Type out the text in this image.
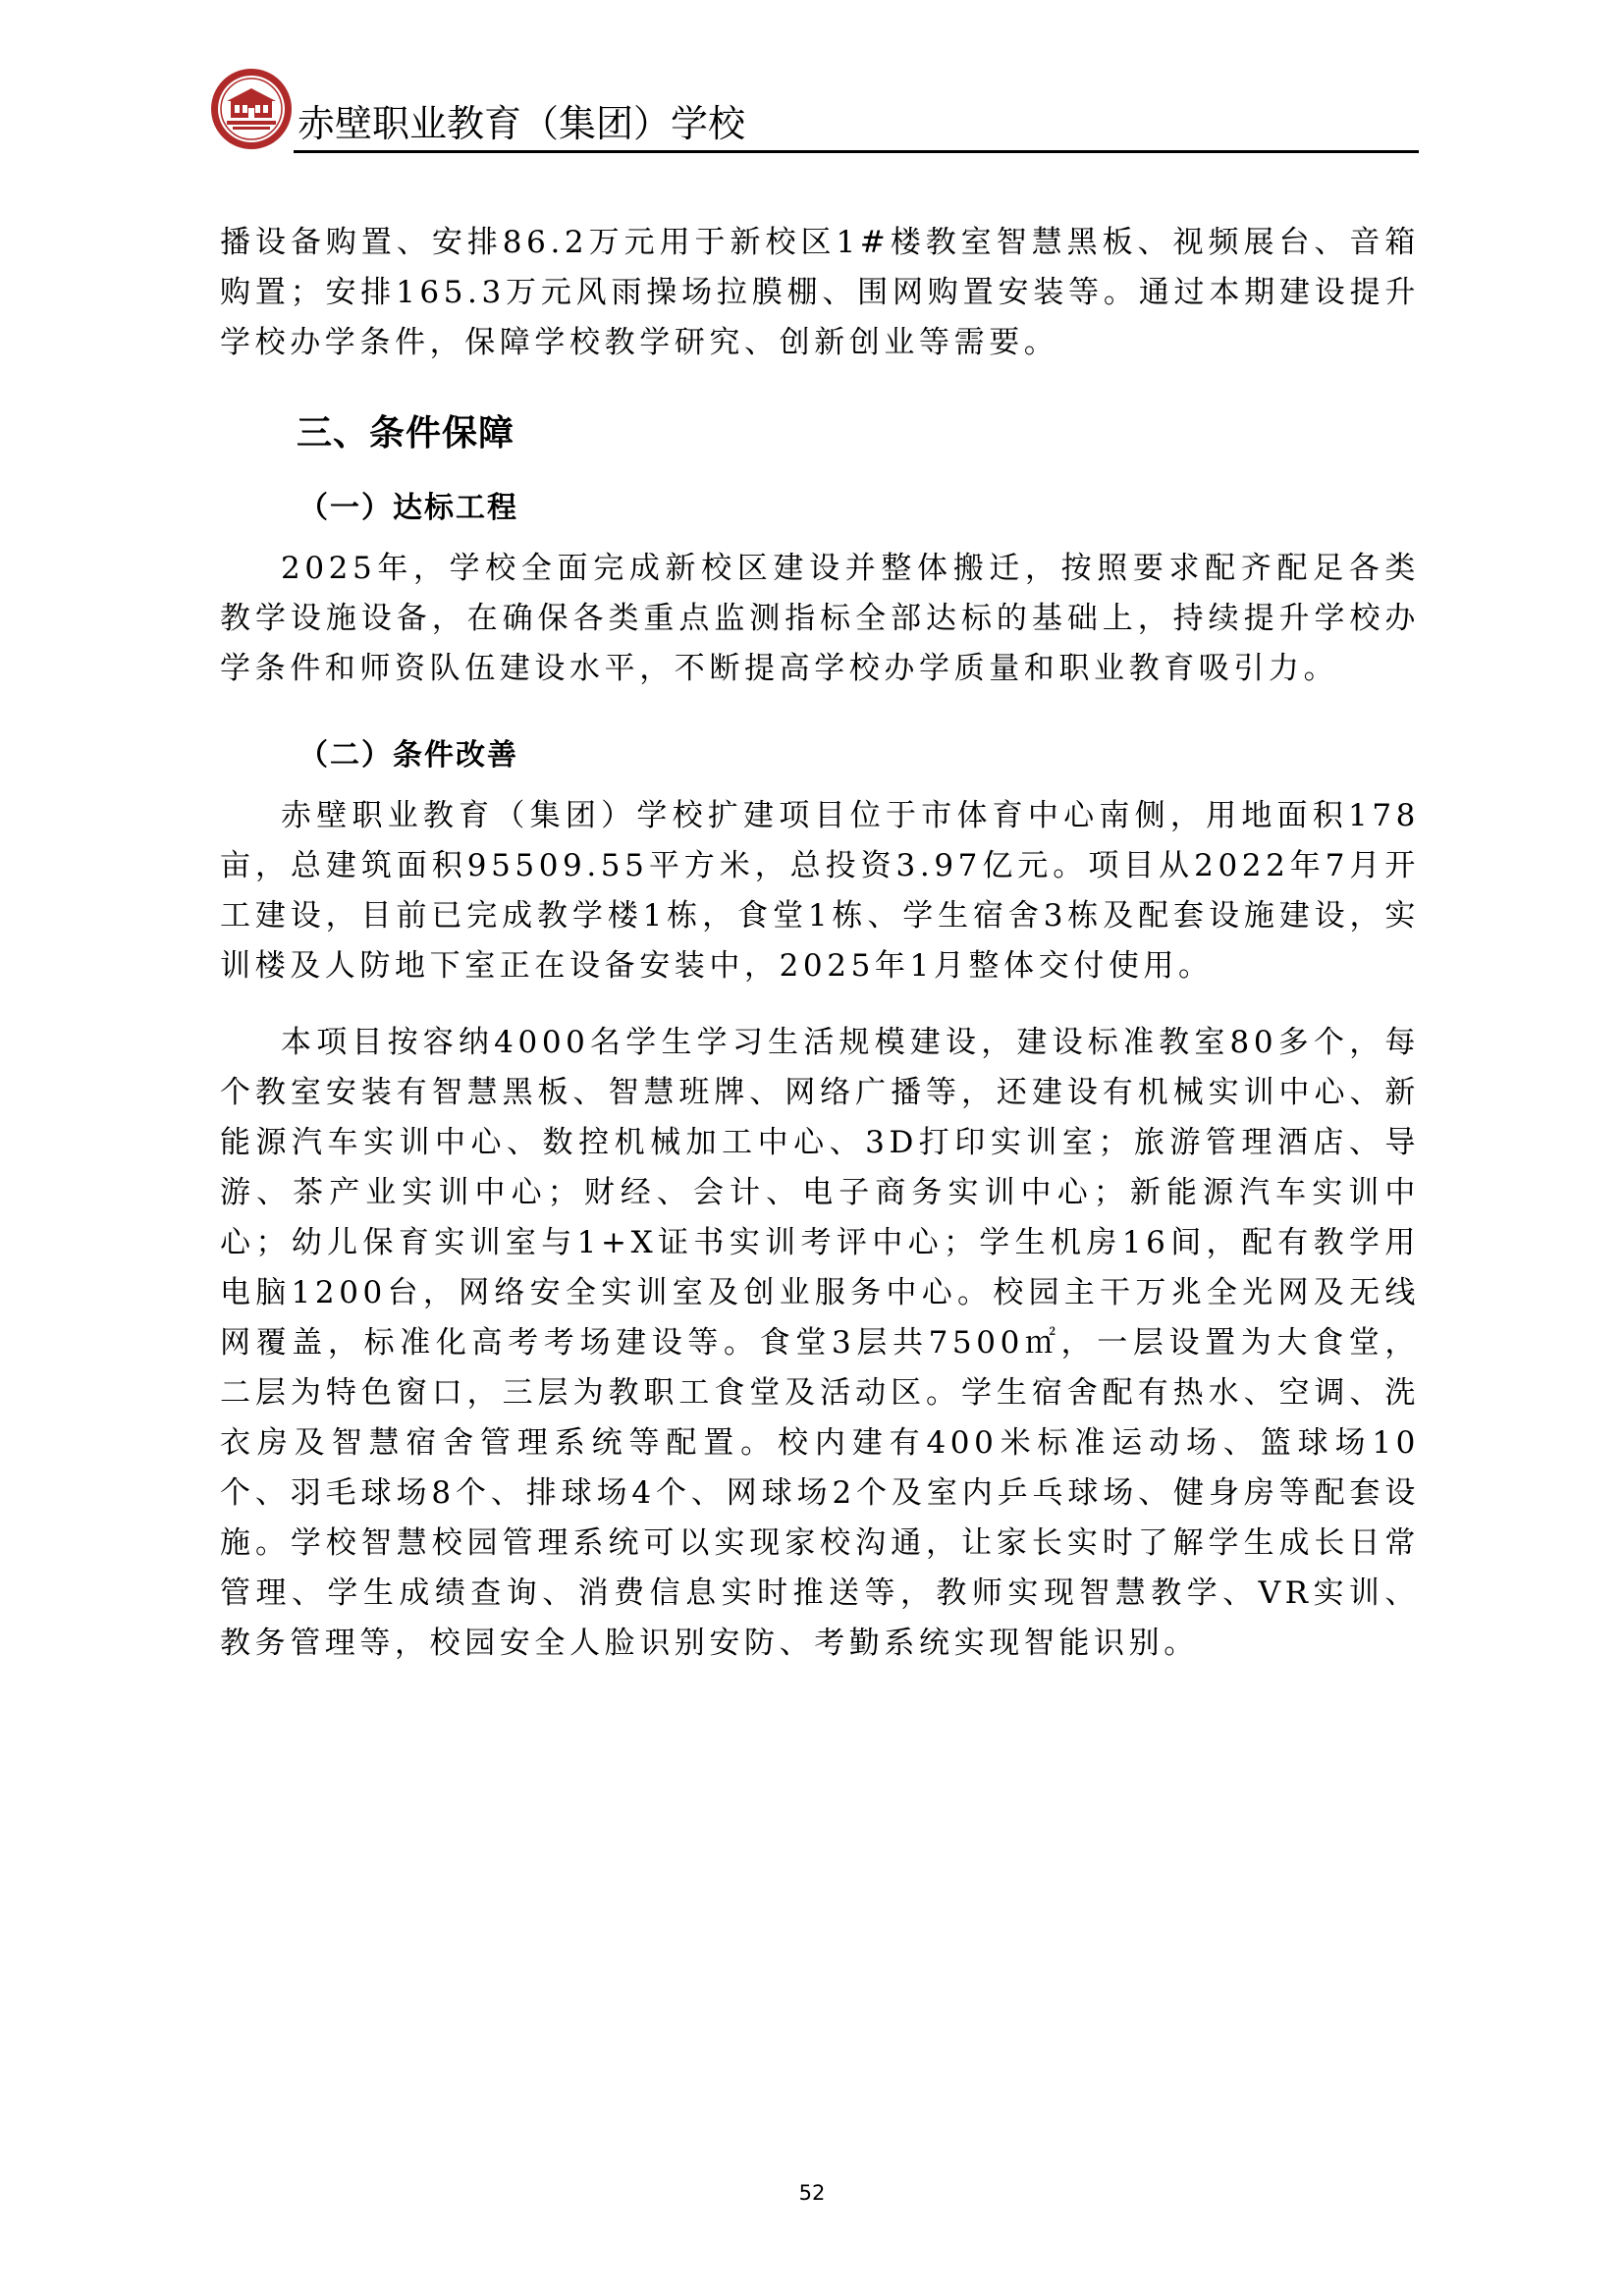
赤壁职业教育（集团）学校

播设备购置、安排86.2万元用于新校区1#楼教室智慧黑板、视频展台、音箱购置；安排165.3万元风雨操场拉膜棚、围网购置安装等。通过本期建设提升学校办学条件，保障学校教学研究、创新创业等需要。

三、条件保障
（一）达标工程

2025年，学校全面完成新校区建设并整体搬迁，按照要求配齐配足各类教学设施设备，在确保各类重点监测指标全部达标的基础上，持续提升学校办学条件和师资队伍建设水平，不断提高学校办学质量和职业教育吸引力。

（二）条件改善

赤壁职业教育（集团）学校扩建项目位于市体育中心南侧，用地面积178亩，总建筑面积95509.55平方米，总投资3.97亿元。项目从2022年7月开工建设，目前已完成教学楼1栋，食堂1栋、学生宿舍3栋及配套设施建设，实训楼及人防地下室正在设备安装中，2025年1月整体交付使用。

本项目按容纳4000名学生学习生活规模建设，建设标准教室80多个，每个教室安装有智慧黑板、智慧班牌、网络广播等，还建设有机械实训中心、新能源汽车实训中心、数控机械加工中心、3D打印实训室；旅游管理酒店、导游、茶产业实训中心；财经、会计、电子商务实训中心；新能源汽车实训中心；幼儿保育实训室与1+X证书实训考评中心；学生机房16间，配有教学用电脑1200台，网络安全实训室及创业服务中心。校园主干万兆全光网及无线网覆盖，标准化高考考场建设等。食堂3层共7500㎡，一层设置为大食堂，二层为特色窗口，三层为教职工食堂及活动区。学生宿舍配有热水、空调、洗衣房及智慧宿舍管理系统等配置。校内建有400米标准运动场、篮球场10个、羽毛球场8个、排球场4个、网球场2个及室内乒乓球场、健身房等配套设施。学校智慧校园管理系统可以实现家校沟通，让家长实时了解学生成长日常管理、学生成绩查询、消费信息实时推送等，教师实现智慧教学、VR实训、教务管理等，校园安全人脸识别安防、考勤系统实现智能识别。

52
